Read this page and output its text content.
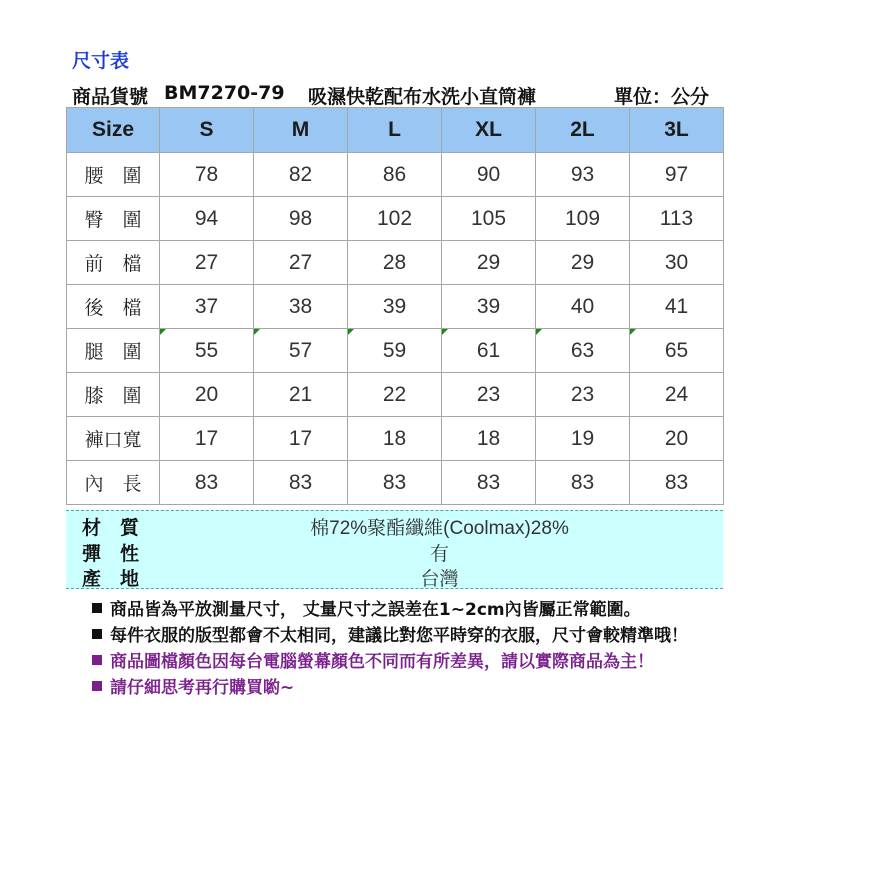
尺寸表
商品貨號 BM7270-79 吸濕快乾配布水洗小直筒褲	單位：公分
Size	S	M	L	XL	2L	3L
腰　圍	78	82	86	90	93	97
臀　圍	94	98	102	105	109	113
前　檔	27	27	28	29	29	30
後　檔	37	38	39	39	40	41
腿　圍	55	57	59	61	63	65
膝　圍	20	21	22	23	23	24
褲口寬	17	17	18	18	19	20
內　長	83	83	83	83	83	83
材　質	棉72%聚酯纖維(Coolmax)28%
彈　性	有
產　地	台灣
商品皆為平放測量尺寸， 丈量尺寸之誤差在1~2cm內皆屬正常範圍。
每件衣服的版型都會不太相同，建議比對您平時穿的衣服，尺寸會較精準哦！
商品圖檔顏色因每台電腦螢幕顏色不同而有所差異，請以實際商品為主！
請仔細思考再行購買喲~
